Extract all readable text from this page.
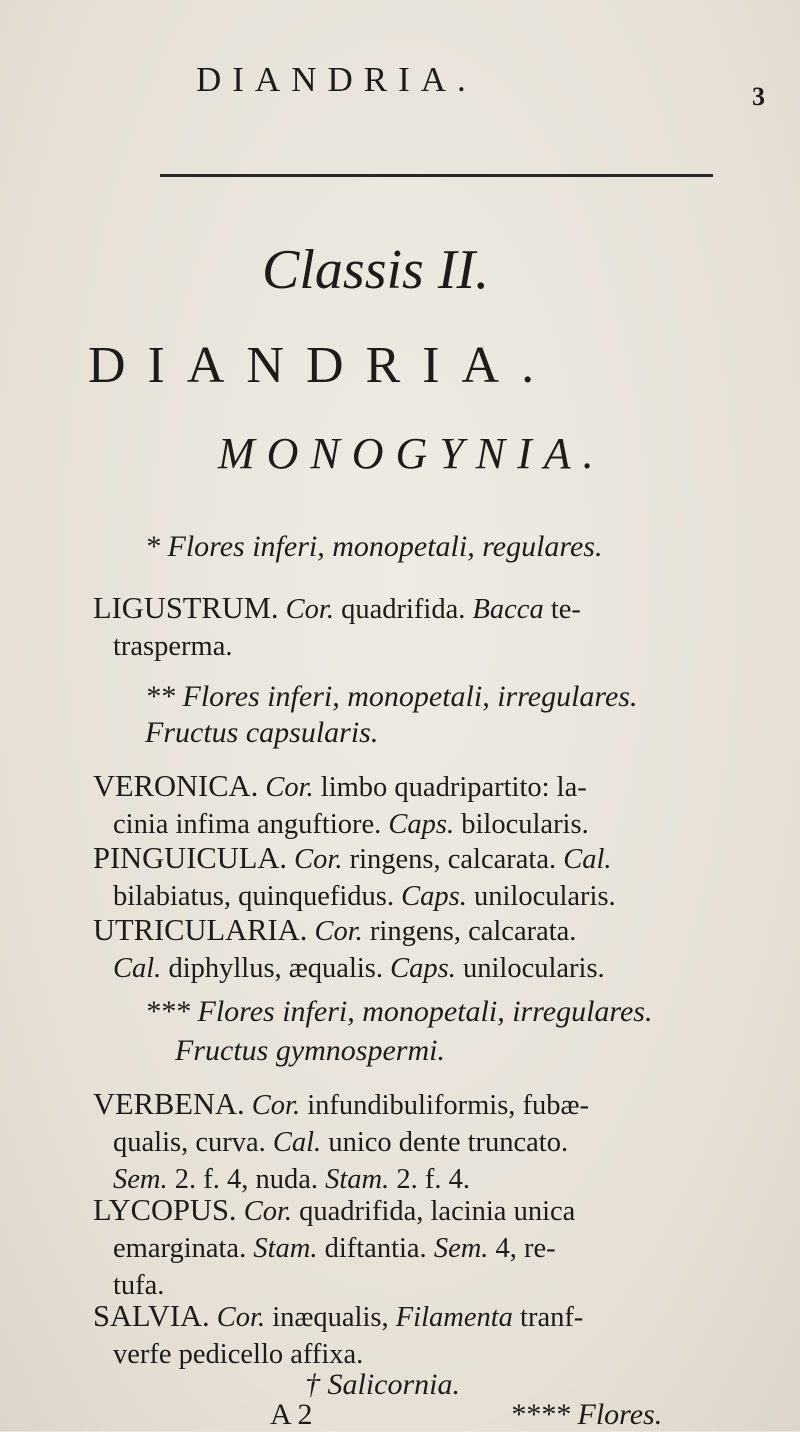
DIANDRIA.	3
Classis II.
DIANDRIA.
MONOGYNIA.
* Flores inferi, monopetali, regulares.
LIGUSTRUM. Cor. quadrifida. Bacca te-
trasperma.
** Flores inferi, monopetali, irregulares.
Fructus capsularis.
VERONICA. Cor. limbo quadripartito: la-
cinia infima anguftiore. Caps. bilocularis.
PINGUICULA. Cor. ringens, calcarata. Cal.
bilabiatus, quinquefidus. Caps. unilocularis.
UTRICULARIA. Cor. ringens, calcarata.
Cal. diphyllus, æqualis. Caps. unilocularis.
*** Flores inferi, monopetali, irregulares.
Fructus gymnospermi.
VERBENA. Cor. infundibuliformis, fubæ-
qualis, curva. Cal. unico dente truncato.
Sem. 2. f. 4, nuda. Stam. 2. f. 4.
LYCOPUS. Cor. quadrifida, lacinia unica
emarginata. Stam. diftantia. Sem. 4, re-
tufa.
SALVIA. Cor. inæqualis, Filamenta tranf-
verfe pedicello affixa.
† Salicornia.
A 2	**** Flores.
